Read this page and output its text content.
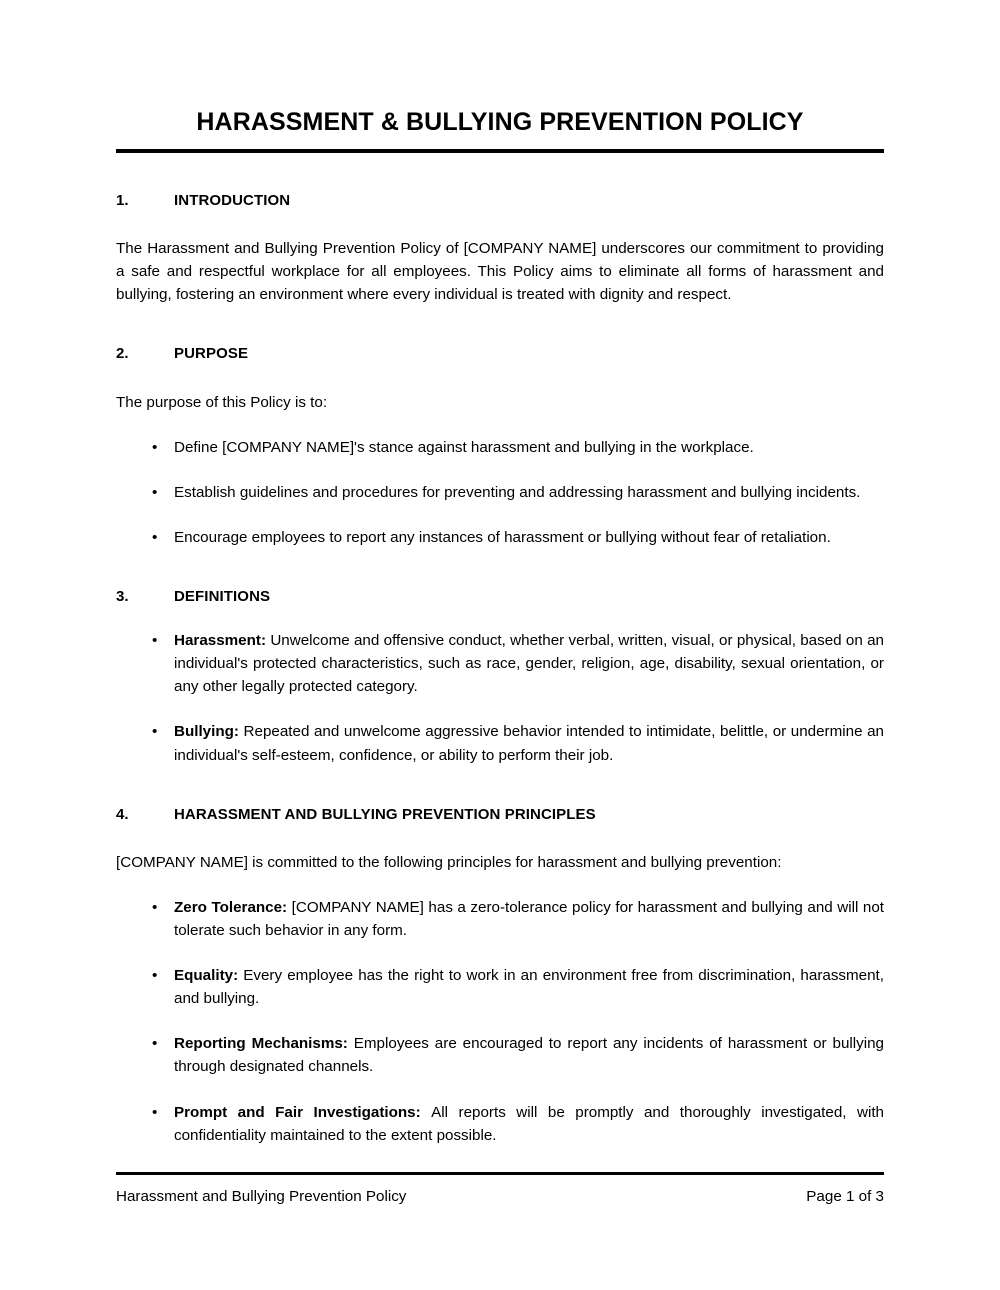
HARASSMENT & BULLYING PREVENTION POLICY
1.	INTRODUCTION

The Harassment and Bullying Prevention Policy of [COMPANY NAME] underscores our commitment to providing a safe and respectful workplace for all employees. This Policy aims to eliminate all forms of harassment and bullying, fostering an environment where every individual is treated with dignity and respect.

2.	PURPOSE

The purpose of this Policy is to:

• Define [COMPANY NAME]'s stance against harassment and bullying in the workplace.
• Establish guidelines and procedures for preventing and addressing harassment and bullying incidents.
• Encourage employees to report any instances of harassment or bullying without fear of retaliation.
3.	DEFINITIONS
• Harassment: Unwelcome and offensive conduct, whether verbal, written, visual, or physical, based on an individual's protected characteristics, such as race, gender, religion, age, disability, sexual orientation, or any other legally protected category.
• Bullying: Repeated and unwelcome aggressive behavior intended to intimidate, belittle, or undermine an individual's self-esteem, confidence, or ability to perform their job.
4.	HARASSMENT AND BULLYING PREVENTION PRINCIPLES

[COMPANY NAME] is committed to the following principles for harassment and bullying prevention:

• Zero Tolerance: [COMPANY NAME] has a zero-tolerance policy for harassment and bullying and will not tolerate such behavior in any form.
• Equality: Every employee has the right to work in an environment free from discrimination, harassment, and bullying.
• Reporting Mechanisms: Employees are encouraged to report any incidents of harassment or bullying through designated channels.
• Prompt and Fair Investigations: All reports will be promptly and thoroughly investigated, with confidentiality maintained to the extent possible.
Harassment and Bullying Prevention Policy	Page 1 of 3
